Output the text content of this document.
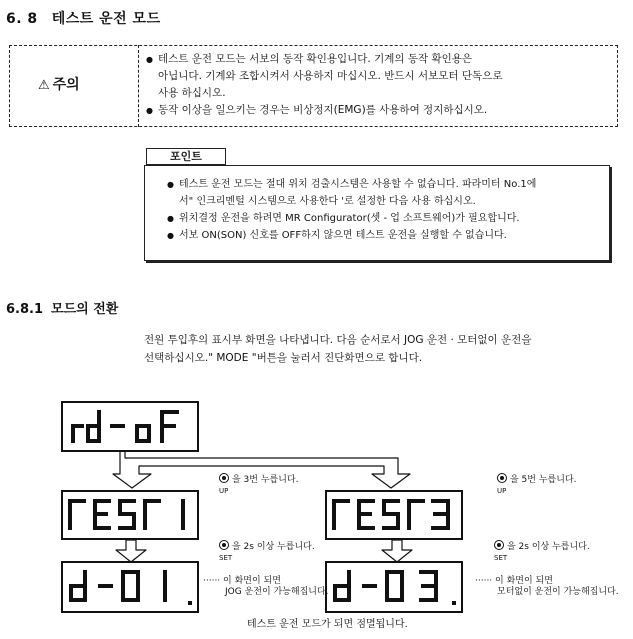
6. 8 테스트 운전 모드
⚠ 주의
● 테스트 운전 모드는 서보의 동작 확인용입니다. 기계의 동작 확인용은
아닙니다. 기계와 조합시켜서 사용하지 마십시오. 반드시 서보모터 단독으로
사용 하십시오.
● 동작 이상을 일으키는 경우는 비상정지(EMG)를 사용하여 정지하십시오.
포인트
● 테스트 운전 모드는 절대 위치 검출시스템은 사용할 수 없습니다. 파라미터 No.1에
서" 인크리멘털 시스템으로 사용한다 '로 설정한 다음 사용 하십시오.
● 위치결정 운전을 하려면 MR Configurator(셋 - 업 소프트웨어)가 필요합니다.
● 서보 ON(SON) 신호를 OFF하지 않으면 테스트 운전을 실행할 수 없습니다.
6.8.1 모드의 전환
전원 투입후의 표시부 화면을 나타냅니다. 다음 순서로서 JOG 운전 · 모터없이 운전을
선택하십시오." MODE "버튼을 눌러서 진단화면으로 합니다.
을 3번 누릅니다.
UP
을 5번 누릅니다.
UP
을 2s 이상 누릅니다.
SET
을 2s 이상 누릅니다.
SET
······ 이 화면이 되면
JOG 운전이 가능해집니다.
······ 이 화면이 되면
모터없이 운전이 가능해집니다.
테스트 운전 모드가 되면 점멸됩니다.
